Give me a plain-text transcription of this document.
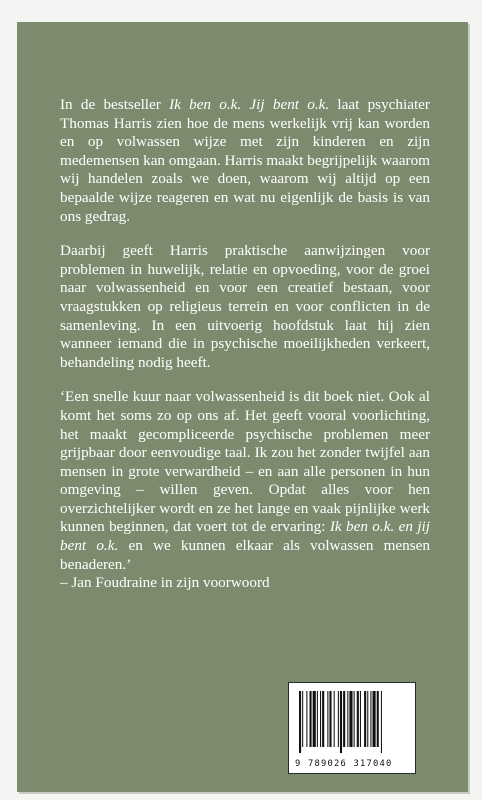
In de bestseller Ik ben o.k. Jij bent o.k. laat psychiater Thomas Harris zien hoe de mens werkelijk vrij kan worden en op volwassen wijze met zijn kinderen en zijn medemensen kan omgaan. Harris maakt begrijpelijk waarom wij handelen zoals we doen, waarom wij altijd op een bepaalde wijze reageren en wat nu eigenlijk de basis is van ons gedrag.

Daarbij geeft Harris praktische aanwijzingen voor problemen in huwelijk, relatie en opvoeding, voor de groei naar volwassenheid en voor een creatief bestaan, voor vraagstukken op religieus terrein en voor conflicten in de samenleving. In een uitvoerig hoofdstuk laat hij zien wanneer iemand die in psychische moeilijkheden verkeert, behandeling nodig heeft.

‘Een snelle kuur naar volwassenheid is dit boek niet. Ook al komt het soms zo op ons af. Het geeft vooral voorlichting, het maakt gecompliceerde psychische problemen meer grijpbaar door eenvoudige taal. Ik zou het zonder twijfel aan mensen in grote verwardheid – en aan alle personen in hun omgeving – willen geven. Opdat alles voor hen overzichtelijker wordt en ze het lange en vaak pijnlijke werk kunnen beginnen, dat voert tot de ervaring: Ik ben o.k. en jij bent o.k. en we kunnen elkaar als volwassen mensen benaderen.’

– Jan Foudraine in zijn voorwoord

9 789026 317040
